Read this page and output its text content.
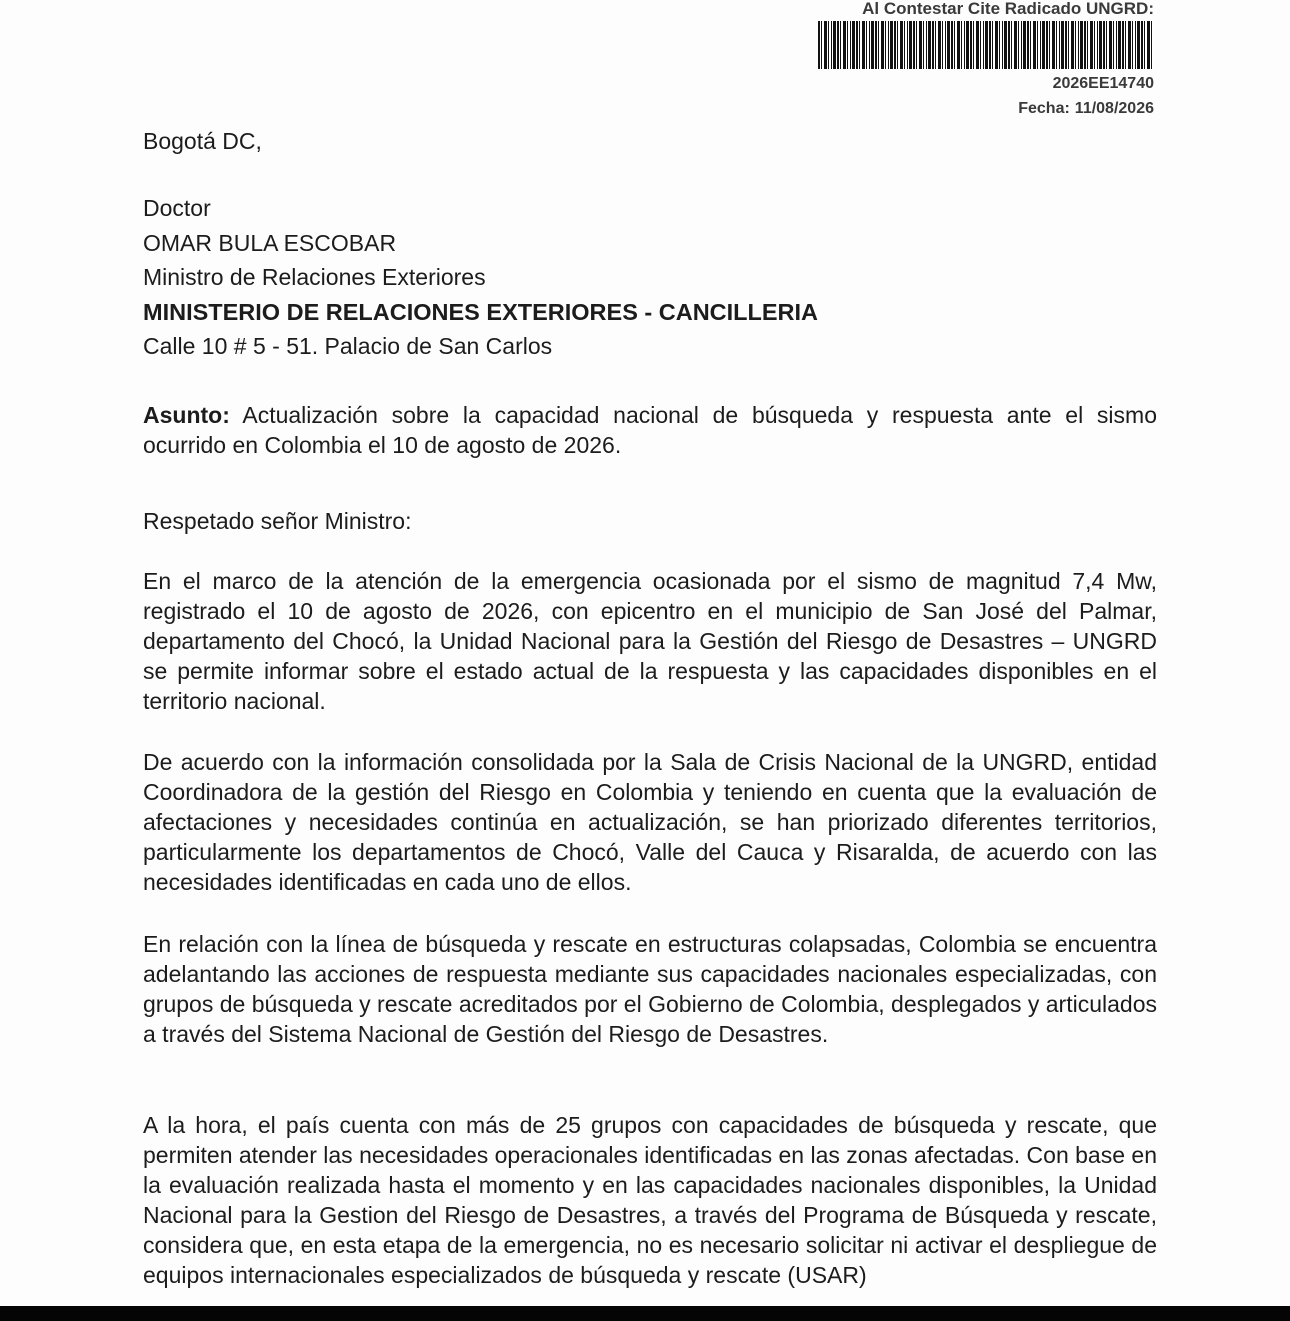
Al Contestar Cite Radicado UNGRD:
2026EE14740
Fecha: 11/08/2026
Bogotá DC,
Doctor
OMAR BULA ESCOBAR
Ministro de Relaciones Exteriores
MINISTERIO DE RELACIONES EXTERIORES - CANCILLERIA
Calle 10 # 5 - 51. Palacio de San Carlos
Asunto: Actualización sobre la capacidad nacional de búsqueda y respuesta ante el sismo ocurrido en Colombia el 10 de agosto de 2026.
Respetado señor Ministro:
En el marco de la atención de la emergencia ocasionada por el sismo de magnitud 7,4 Mw, registrado el 10 de agosto de 2026, con epicentro en el municipio de San José del Palmar, departamento del Chocó, la Unidad Nacional para la Gestión del Riesgo de Desastres – UNGRD se permite informar sobre el estado actual de la respuesta y las capacidades disponibles en el territorio nacional.
De acuerdo con la información consolidada por la Sala de Crisis Nacional de la UNGRD, entidad Coordinadora de la gestión del Riesgo en Colombia y teniendo en cuenta que la evaluación de afectaciones y necesidades continúa en actualización, se han priorizado diferentes territorios, particularmente los departamentos de Chocó, Valle del Cauca y Risaralda, de acuerdo con las necesidades identificadas en cada uno de ellos.
En relación con la línea de búsqueda y rescate en estructuras colapsadas, Colombia se encuentra adelantando las acciones de respuesta mediante sus capacidades nacionales especializadas, con grupos de búsqueda y rescate acreditados por el Gobierno de Colombia, desplegados y articulados a través del Sistema Nacional de Gestión del Riesgo de Desastres.
A la hora, el país cuenta con más de 25 grupos con capacidades de búsqueda y rescate, que permiten atender las necesidades operacionales identificadas en las zonas afectadas. Con base en la evaluación realizada hasta el momento y en las capacidades nacionales disponibles, la Unidad Nacional para la Gestion del Riesgo de Desastres, a través del Programa de Búsqueda y rescate, considera que, en esta etapa de la emergencia, no es necesario solicitar ni activar el despliegue de equipos internacionales especializados de búsqueda y rescate (USAR)
